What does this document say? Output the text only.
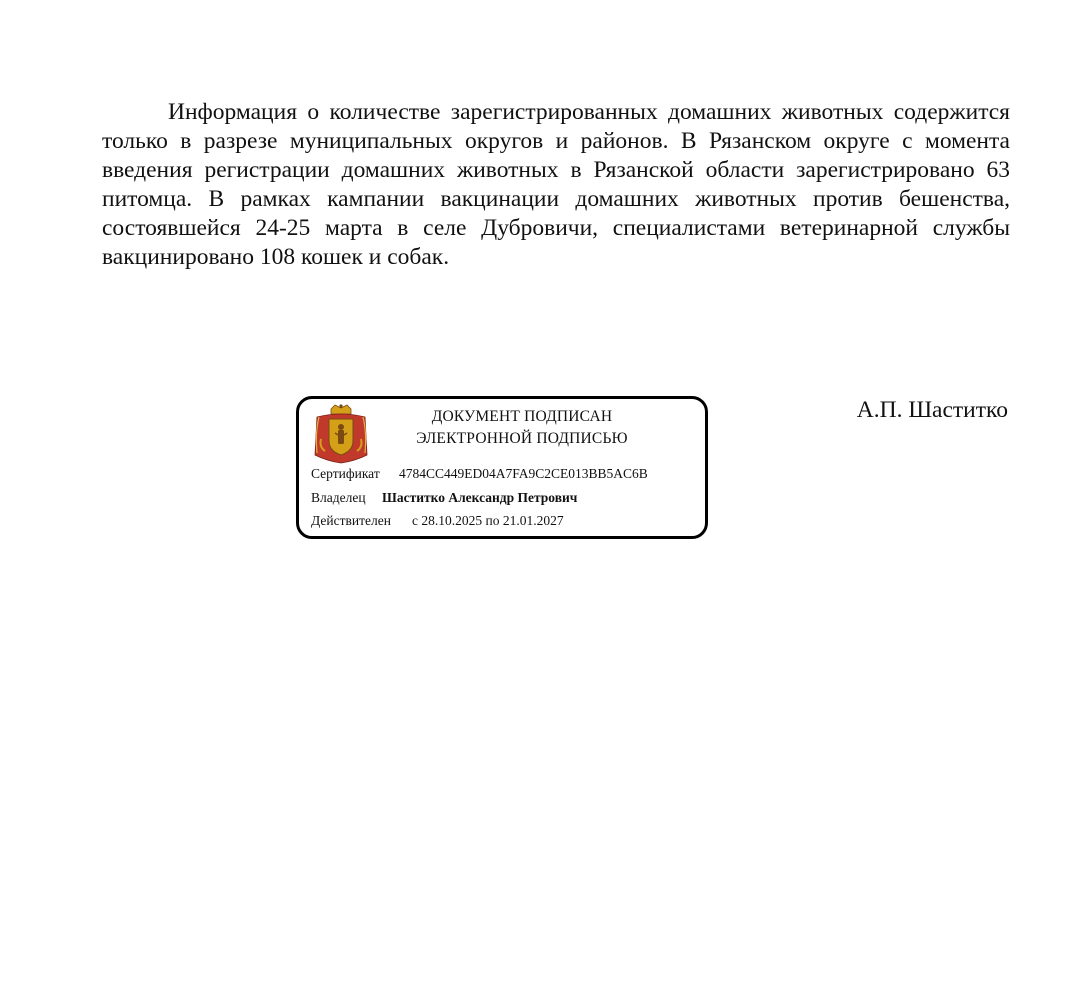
Информация о количестве зарегистрированных домашних животных содержится только в разрезе муниципальных округов и районов. В Рязанском округе с момента введения регистрации домашних животных в Рязанской области зарегистрировано 63 питомца. В рамках кампании вакцинации домашних животных против бешенства, состоявшейся 24-25 марта в селе Дубровичи, специалистами ветеринарной службы вакцинировано 108 кошек и собак.

А.П. Шаститко
ДОКУМЕНТ ПОДПИСАН
ЭЛЕКТРОННОЙ ПОДПИСЬЮ
Сертификат 4784CC449ED04A7FA9C2CE013BB5AC6B
Владелец Шаститко Александр Петрович
Действителен с 28.10.2025 по 21.01.2027
